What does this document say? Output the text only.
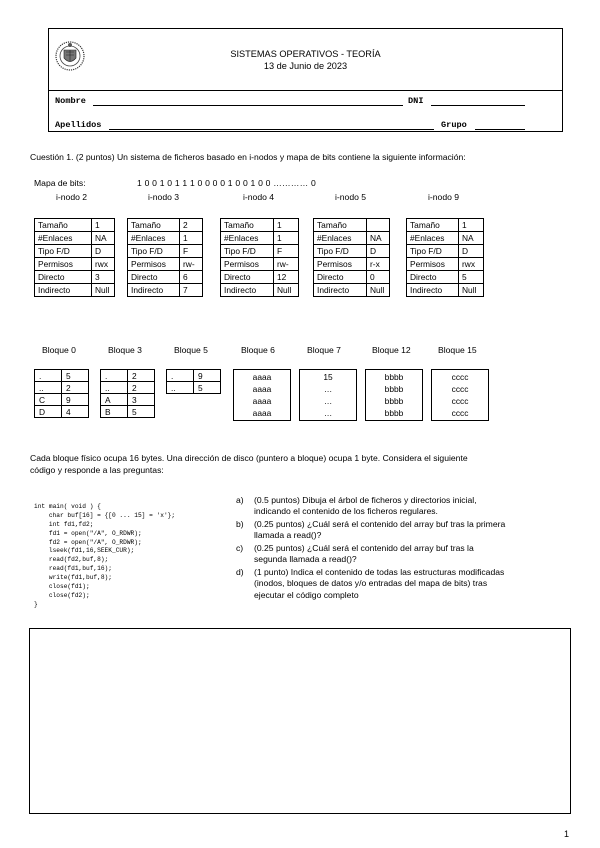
SISTEMAS OPERATIVOS - TEORÍA
13 de Junio de 2023
Nombre	DNI
Apellidos	Grupo
Cuestión 1. (2 puntos) Un sistema de ficheros basado en i-nodos y mapa de bits contiene la siguiente información:
Mapa de bits:	1 0 0 1 0 1 1 1 0 0 0 0 1 0 0 1 0 0 ………… 0
i-nodo 2	i-nodo 3	i-nodo 4	i-nodo 5	i-nodo 9
Tamaño	1
#Enlaces	NA
Tipo F/D	D
Permisos	rwx
Directo	3
Indirecto	Null
Tamaño	2
#Enlaces	1
Tipo F/D	F
Permisos	rw-
Directo	6
Indirecto	7
Tamaño	1
#Enlaces	1
Tipo F/D	F
Permisos	rw-
Directo	12
Indirecto	Null
Tamaño	
#Enlaces	NA
Tipo F/D	D
Permisos	r-x
Directo	0
Indirecto	Null
Tamaño	1
#Enlaces	NA
Tipo F/D	D
Permisos	rwx
Directo	5
Indirecto	Null
Bloque 0	Bloque 3	Bloque 5	Bloque 6	Bloque 7	Bloque 12	Bloque 15
.	5
..	2
C	9
D	4
.	2
..	2
A	3
B	5
.	9
..	5
aaaa
aaaa
aaaa
aaaa
15
…
…
…
bbbb
bbbb
bbbb
bbbb
cccc
cccc
cccc
cccc
Cada bloque físico ocupa 16 bytes. Una dirección de disco (puntero a bloque) ocupa 1 byte. Considera el siguiente
código y responde a las preguntas:

int main( void ) {
char buf[16] = {[0 ... 15] = 'x'};
int fd1,fd2;
fd1 = open("/A", O_RDWR);
fd2 = open("/A", O_RDWR);
lseek(fd1,16,SEEK_CUR);
read(fd2,buf,8);
read(fd1,buf,16);
write(fd1,buf,8);
close(fd1);
close(fd2);
}

a) (0.5 puntos) Dibuja el árbol de ficheros y directorios inicial,
indicando el contenido de los ficheros regulares.
b) (0.25 puntos) ¿Cuál será el contenido del array buf tras la primera
llamada a read()?
c) (0.25 puntos) ¿Cuál será el contenido del array buf tras la
segunda llamada a read()?
d) (1 punto) Indica el contenido de todas las estructuras modificadas
(inodos, bloques de datos y/o entradas del mapa de bits) tras
ejecutar el código completo
1
